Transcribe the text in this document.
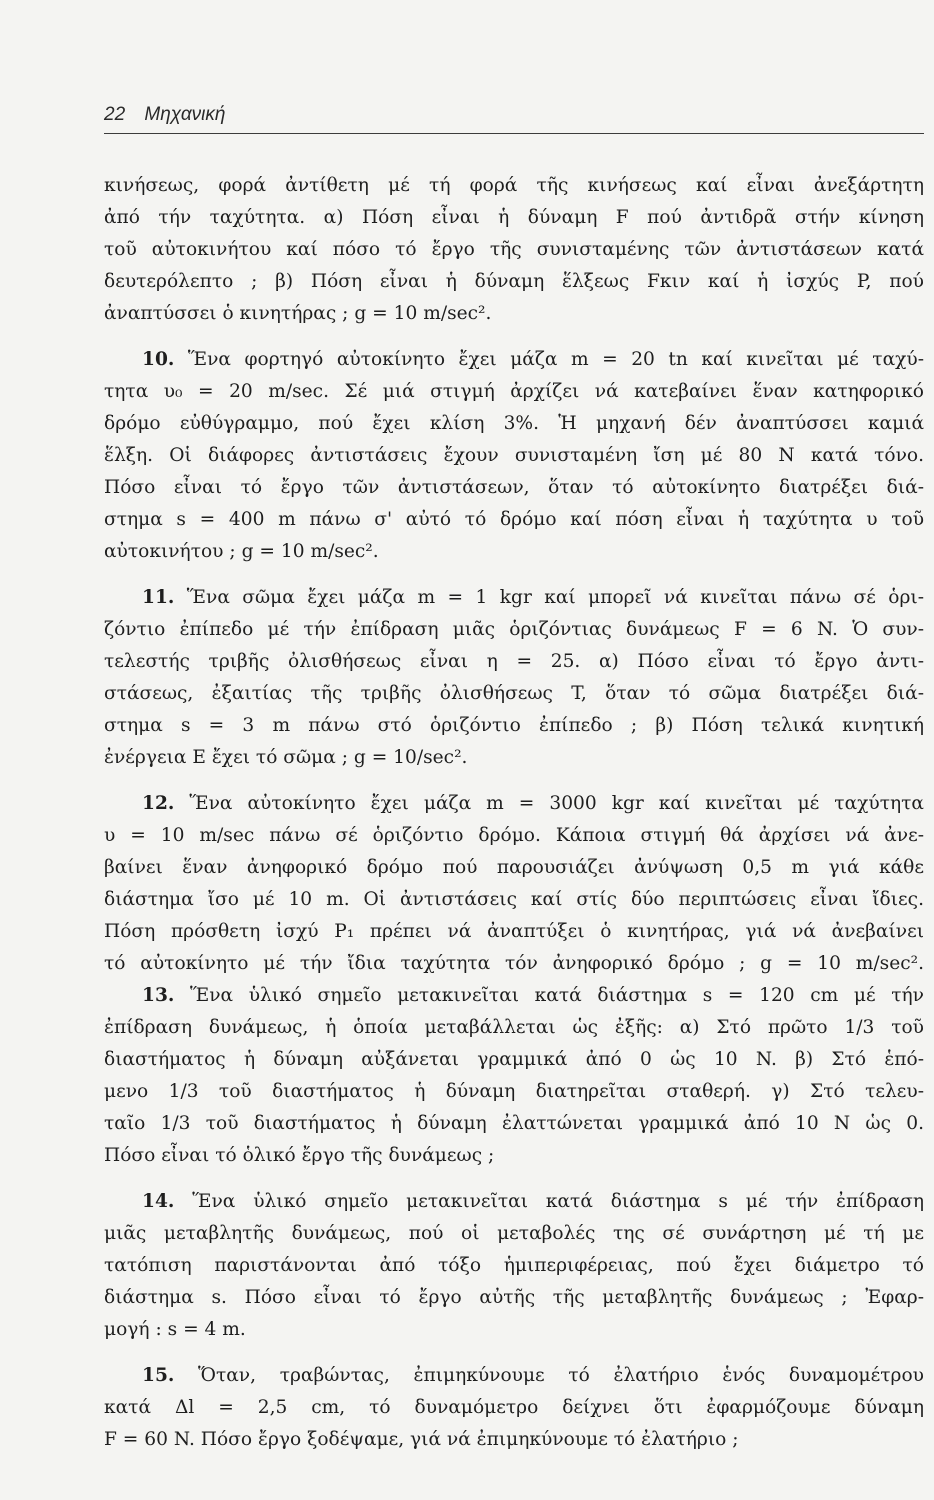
22 Μηχανική
κινήσεως, φορά ἀντίθετη μέ τή φορά τῆς κινήσεως καί εἶναι ἀνεξάρτητη
ἀπό τήν ταχύτητα. α) Πόση εἶναι ἡ δύναμη F πού ἀντιδρᾶ στήν κίνηση
τοῦ αὐτοκινήτου καί πόσο τό ἔργο τῆς συνισταμένης τῶν ἀντιστάσεων κατά
δευτερόλεπτο ; β) Πόση εἶναι ἡ δύναμη ἕλξεως Fκιν καί ἡ ἰσχύς P, πού
ἀναπτύσσει ὁ κινητήρας ; g = 10 m/sec².
10. Ἕνα φορτηγό αὐτοκίνητο ἔχει μάζα m = 20 tn καί κινεῖται μέ ταχύ-
τητα υ₀ = 20 m/sec. Σέ μιά στιγμή ἀρχίζει νά κατεβαίνει ἕναν κατηφορικό
δρόμο εὐθύγραμμο, πού ἔχει κλίση 3%. Ἡ μηχανή δέν ἀναπτύσσει καμιά
ἕλξη. Οἱ διάφορες ἀντιστάσεις ἔχουν συνισταμένη ἴση μέ 80 N κατά τόνο.
Πόσο εἶναι τό ἔργο τῶν ἀντιστάσεων, ὅταν τό αὐτοκίνητο διατρέξει διά-
στημα s = 400 m πάνω σ' αὐτό τό δρόμο καί πόση εἶναι ἡ ταχύτητα υ τοῦ
αὐτοκινήτου ; g = 10 m/sec².
11. Ἕνα σῶμα ἔχει μάζα m = 1 kgr καί μπορεῖ νά κινεῖται πάνω σέ ὁρι-
ζόντιο ἐπίπεδο μέ τήν ἐπίδραση μιᾶς ὁριζόντιας δυνάμεως F = 6 N. Ὁ συν-
τελεστής τριβῆς ὀλισθήσεως εἶναι η = 25. α) Πόσο εἶναι τό ἔργο ἀντι-
στάσεως, ἐξαιτίας τῆς τριβῆς ὀλισθήσεως T, ὅταν τό σῶμα διατρέξει διά-
στημα s = 3 m πάνω στό ὁριζόντιο ἐπίπεδο ; β) Πόση τελικά κινητική
ἐνέργεια E ἔχει τό σῶμα ; g = 10/sec².
12. Ἕνα αὐτοκίνητο ἔχει μάζα m = 3000 kgr καί κινεῖται μέ ταχύτητα
υ = 10 m/sec πάνω σέ ὁριζόντιο δρόμο. Κάποια στιγμή θά ἀρχίσει νά ἀνε-
βαίνει ἕναν ἀνηφορικό δρόμο πού παρουσιάζει ἀνύψωση 0,5 m γιά κάθε
διάστημα ἴσο μέ 10 m. Οἱ ἀντιστάσεις καί στίς δύο περιπτώσεις εἶναι ἴδιες.
Πόση πρόσθετη ἰσχύ P₁ πρέπει νά ἀναπτύξει ὁ κινητήρας, γιά νά ἀνεβαίνει
τό αὐτοκίνητο μέ τήν ἴδια ταχύτητα τόν ἀνηφορικό δρόμο ; g = 10 m/sec².
13. Ἕνα ὑλικό σημεῖο μετακινεῖται κατά διάστημα s = 120 cm μέ τήν
ἐπίδραση δυνάμεως, ἡ ὁποία μεταβάλλεται ὡς ἐξῆς: α) Στό πρῶτο 1/3 τοῦ
διαστήματος ἡ δύναμη αὐξάνεται γραμμικά ἀπό 0 ὡς 10 N. β) Στό ἑπό-
μενο 1/3 τοῦ διαστήματος ἡ δύναμη διατηρεῖται σταθερή. γ) Στό τελευ-
ταῖο 1/3 τοῦ διαστήματος ἡ δύναμη ἐλαττώνεται γραμμικά ἀπό 10 N ὡς 0.
Πόσο εἶναι τό ὁλικό ἔργο τῆς δυνάμεως ;
14. Ἕνα ὑλικό σημεῖο μετακινεῖται κατά διάστημα s μέ τήν ἐπίδραση
μιᾶς μεταβλητῆς δυνάμεως, πού οἱ μεταβολές της σέ συνάρτηση μέ τή με
τατόπιση παριστάνονται ἀπό τόξο ἡμιπεριφέρειας, πού ἔχει διάμετρο τό
διάστημα s. Πόσο εἶναι τό ἔργο αὐτῆς τῆς μεταβλητῆς δυνάμεως ; Ἐφαρ-
μογή : s = 4 m.
15. Ὅταν, τραβώντας, ἐπιμηκύνουμε τό ἐλατήριο ἑνός δυναμομέτρου
κατά Δl = 2,5 cm, τό δυναμόμετρο δείχνει ὅτι ἐφαρμόζουμε δύναμη
F = 60 N. Πόσο ἔργο ξοδέψαμε, γιά νά ἐπιμηκύνουμε τό ἐλατήριο ;
